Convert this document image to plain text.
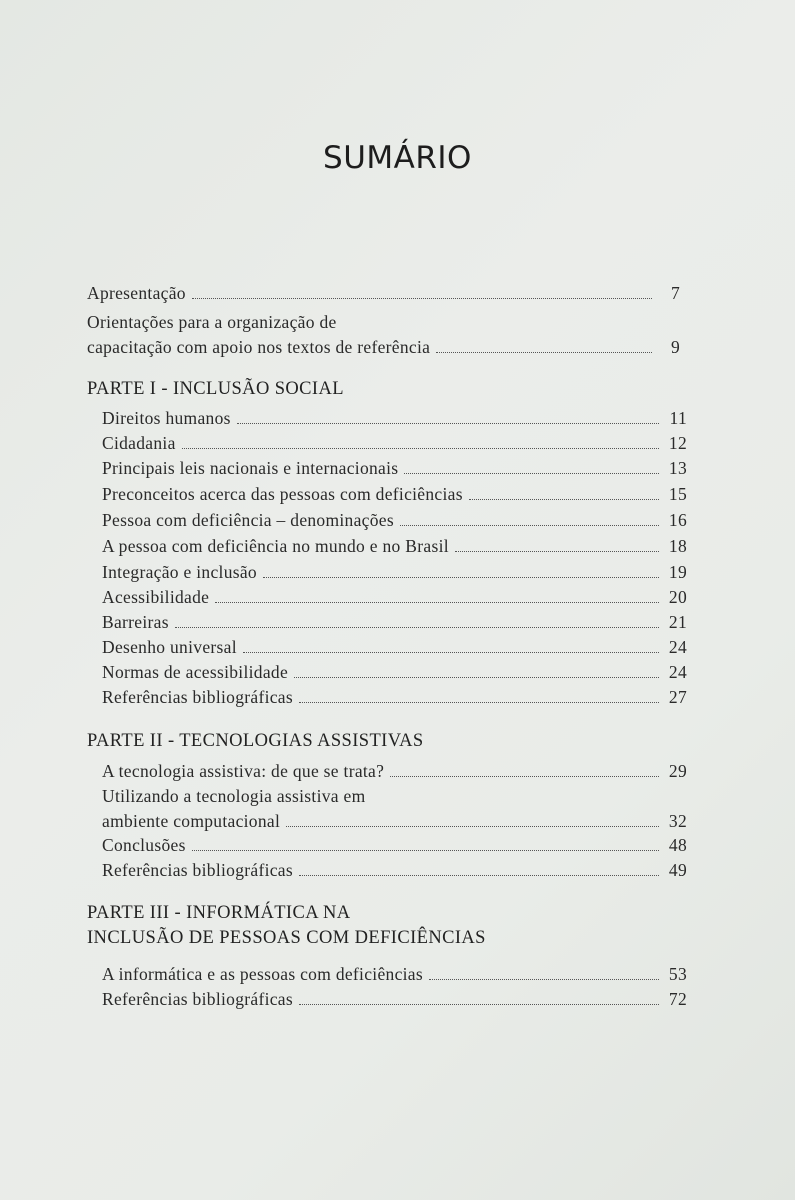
SUMÁRIO
Apresentação	7
Orientações para a organização de
capacitação com apoio nos textos de referência	9
PARTE I - INCLUSÃO SOCIAL
Direitos humanos	11
Cidadania	12
Principais leis nacionais e internacionais	13
Preconceitos acerca das pessoas com deficiências	15
Pessoa com deficiência – denominações	16
A pessoa com deficiência no mundo e no Brasil	18
Integração e inclusão	19
Acessibilidade	20
Barreiras	21
Desenho universal	24
Normas de acessibilidade	24
Referências bibliográficas	27
PARTE II - TECNOLOGIAS ASSISTIVAS
A tecnologia assistiva: de que se trata?	29
Utilizando a tecnologia assistiva em
ambiente computacional	32
Conclusões	48
Referências bibliográficas	49
PARTE III - INFORMÁTICA NA
INCLUSÃO DE PESSOAS COM DEFICIÊNCIAS
A informática e as pessoas com deficiências	53
Referências bibliográficas	72
